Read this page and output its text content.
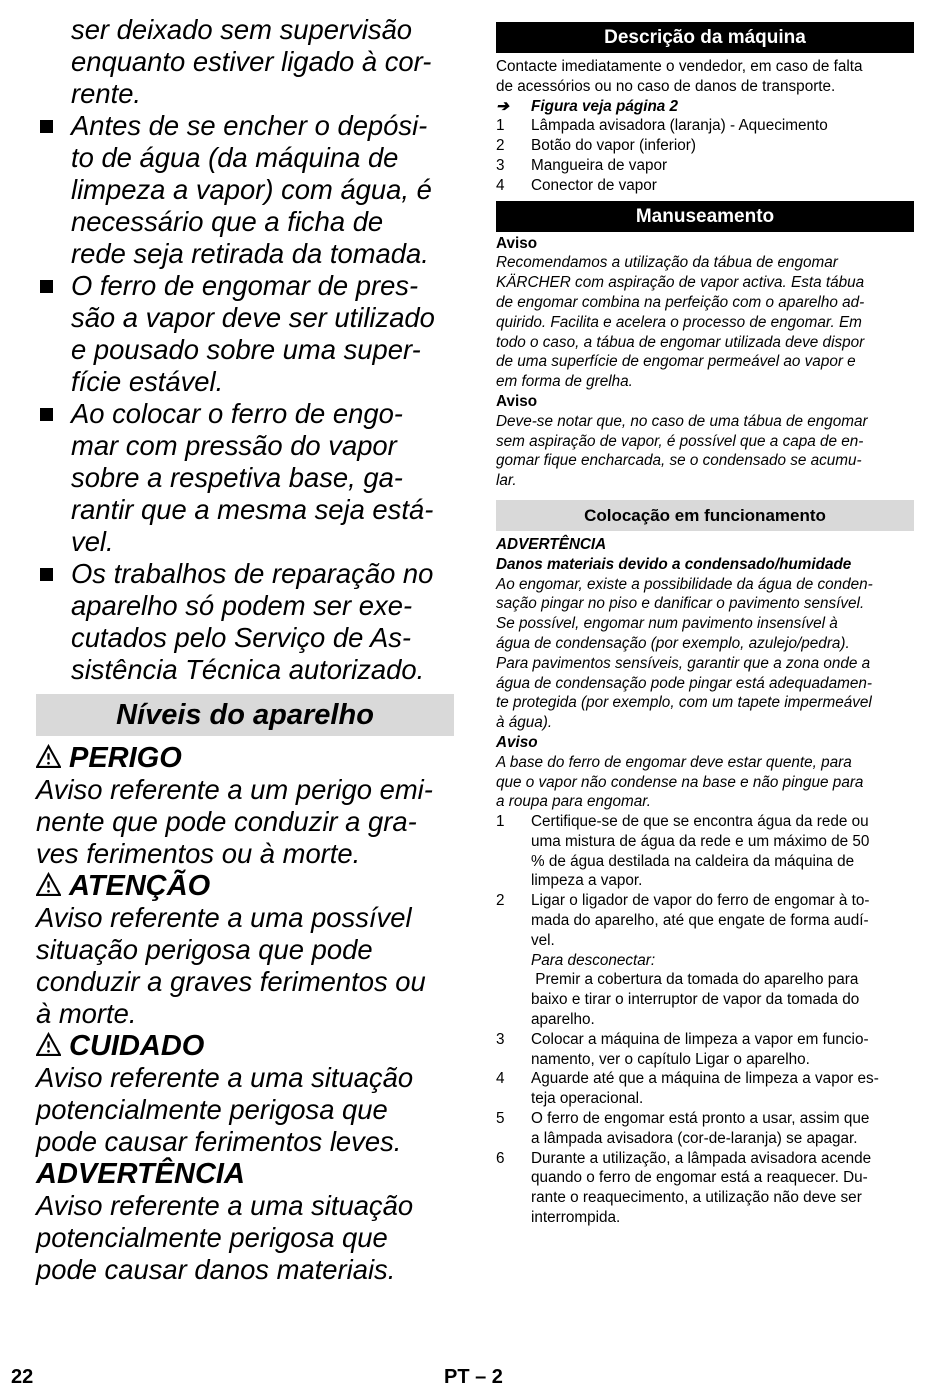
ser deixado sem supervisão
enquanto estiver ligado à cor-
rente.
Antes de se encher o depósi-
to de água (da máquina de
limpeza a vapor) com água, é
necessário que a ficha de
rede seja retirada da tomada.
O ferro de engomar de pres-
são a vapor deve ser utilizado
e pousado sobre uma super-
fície estável.
Ao colocar o ferro de engo-
mar com pressão do vapor
sobre a respetiva base, ga-
rantir que a mesma seja está-
vel.
Os trabalhos de reparação no
aparelho só podem ser exe-
cutados pelo Serviço de As-
sistência Técnica autorizado.
Níveis do aparelho
PERIGO
Aviso referente a um perigo emi-
nente que pode conduzir a gra-
ves ferimentos ou à morte.
ATENÇÃO
Aviso referente a uma possível
situação perigosa que pode
conduzir a graves ferimentos ou
à morte.
CUIDADO
Aviso referente a uma situação
potencialmente perigosa que
pode causar ferimentos leves.
ADVERTÊNCIA
Aviso referente a uma situação
potencialmente perigosa que
pode causar danos materiais.
Descrição da máquina
Contacte imediatamente o vendedor, em caso de falta
de acessórios ou no caso de danos de transporte.
➔	Figura veja página 2
1	Lâmpada avisadora (laranja) - Aquecimento
2	Botão do vapor (inferior)
3	Mangueira de vapor
4	Conector de vapor
Manuseamento
Aviso
Recomendamos a utilização da tábua de engomar
KÄRCHER com aspiração de vapor activa. Esta tábua
de engomar combina na perfeição com o aparelho ad-
quirido. Facilita e acelera o processo de engomar. Em
todo o caso, a tábua de engomar utilizada deve dispor
de uma superfície de engomar permeável ao vapor e
em forma de grelha.
Aviso
Deve-se notar que, no caso de uma tábua de engomar
sem aspiração de vapor, é possível que a capa de en-
gomar fique encharcada, se o condensado se acumu-
lar.
Colocação em funcionamento
ADVERTÊNCIA
Danos materiais devido a condensado/humidade
Ao engomar, existe a possibilidade da água de conden-
sação pingar no piso e danificar o pavimento sensível.
Se possível, engomar num pavimento insensível à
água de condensação (por exemplo, azulejo/pedra).
Para pavimentos sensíveis, garantir que a zona onde a
água de condensação pode pingar está adequadamen-
te protegida (por exemplo, com um tapete impermeável
à água).
Aviso
A base do ferro de engomar deve estar quente, para
que o vapor não condense na base e não pingue para
a roupa para engomar.
1	Certifique-se de que se encontra água da rede ou
uma mistura de água da rede e um máximo de 50
% de água destilada na caldeira da máquina de
limpeza a vapor.
2	Ligar o ligador de vapor do ferro de engomar à to-
mada do aparelho, até que engate de forma audí-
vel.
Para desconectar:
Premir a cobertura da tomada do aparelho para
baixo e tirar o interruptor de vapor da tomada do
aparelho.
3	Colocar a máquina de limpeza a vapor em funcio-
namento, ver o capítulo Ligar o aparelho.
4	Aguarde até que a máquina de limpeza a vapor es-
teja operacional.
5	O ferro de engomar está pronto a usar, assim que
a lâmpada avisadora (cor-de-laranja) se apagar.
6	Durante a utilização, a lâmpada avisadora acende
quando o ferro de engomar está a reaquecer. Du-
rante o reaquecimento, a utilização não deve ser
interrompida.
22	PT – 2
